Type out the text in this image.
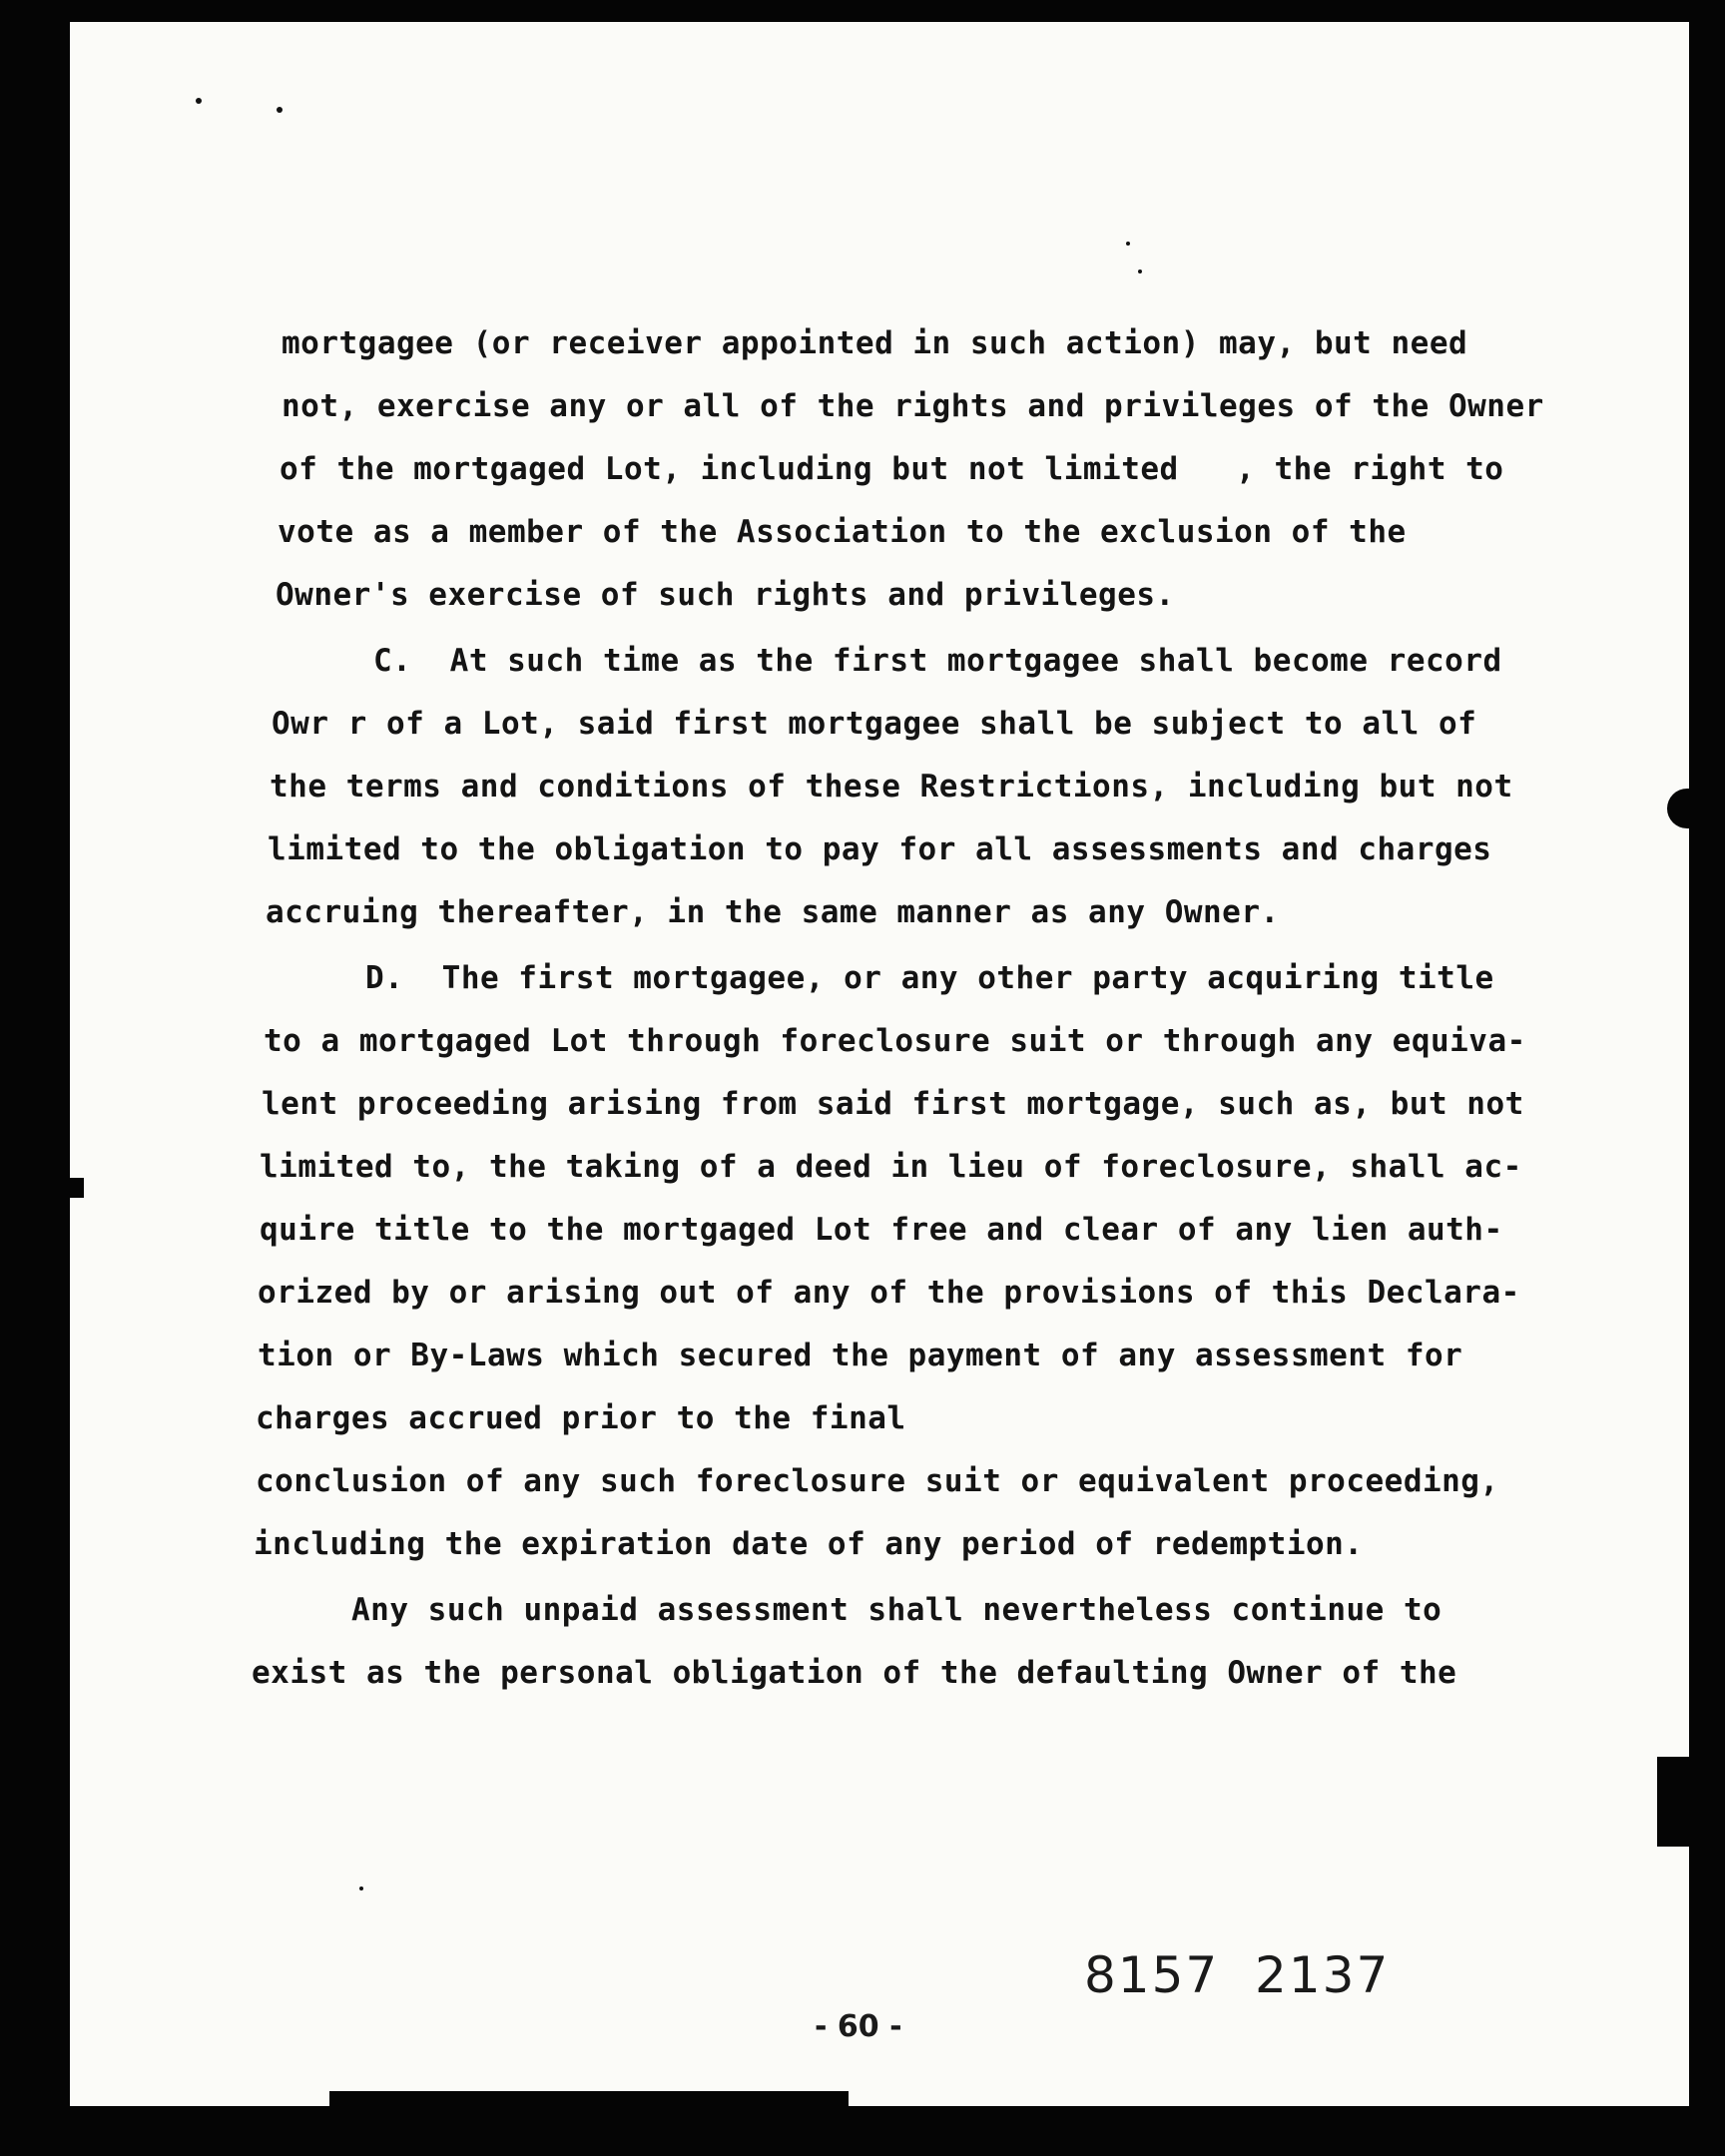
mortgagee (or receiver appointed in such action) may, but need
not, exercise any or all of the rights and privileges of the Owner
of the mortgaged Lot, including but not limited   , the right to
vote as a member of the Association to the exclusion of the
Owner's exercise of such rights and privileges.
C.  At such time as the first mortgagee shall become record
Owr r of a Lot, said first mortgagee shall be subject to all of
the terms and conditions of these Restrictions, including but not
limited to the obligation to pay for all assessments and charges
accruing thereafter, in the same manner as any Owner.
D.  The first mortgagee, or any other party acquiring title
to a mortgaged Lot through foreclosure suit or through any equiva-
lent proceeding arising from said first mortgage, such as, but not
limited to, the taking of a deed in lieu of foreclosure, shall ac-
quire title to the mortgaged Lot free and clear of any lien auth-
orized by or arising out of any of the provisions of this Declara-
tion or By-Laws which secured the payment of any assessment for
charges accrued prior to the final
conclusion of any such foreclosure suit or equivalent proceeding,
including the expiration date of any period of redemption.
Any such unpaid assessment shall nevertheless continue to
exist as the personal obligation of the defaulting Owner of the
8157  2137
- 60 -
